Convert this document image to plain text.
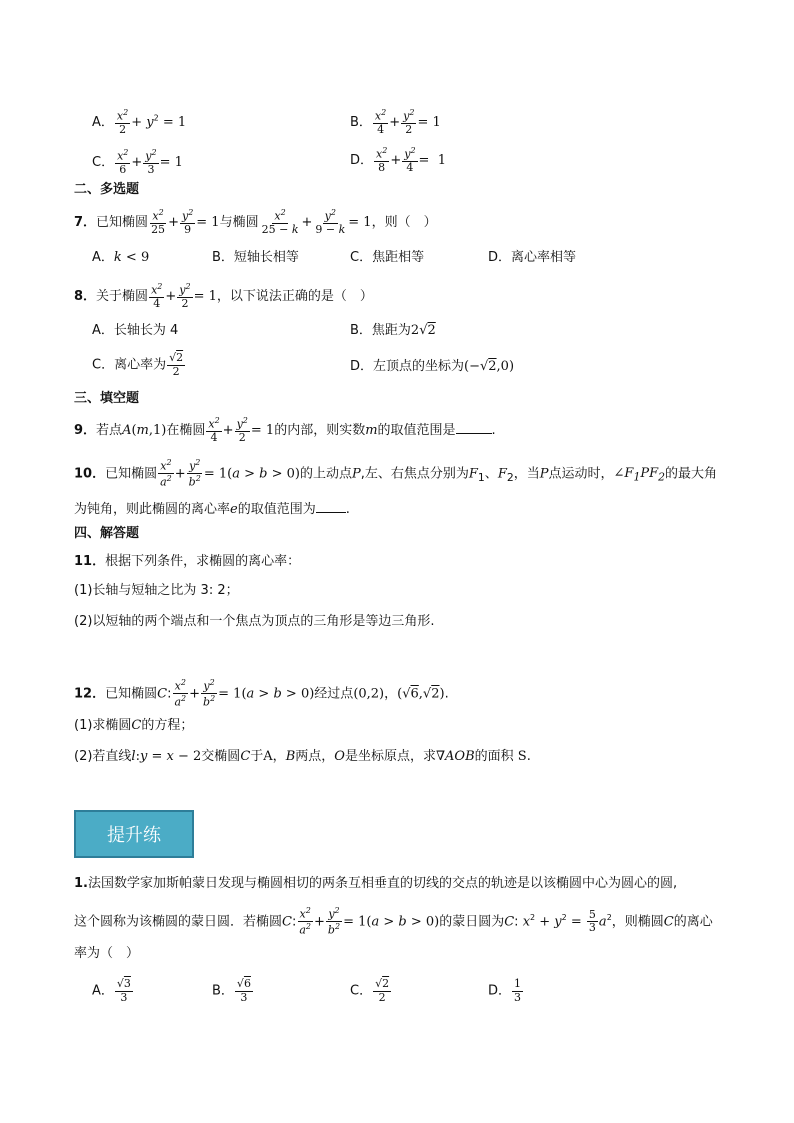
A． $\frac{x^2}{2} + y^2 = 1$	B． $\frac{x^2}{4} + \frac{y^2}{2} = 1$
C． $\frac{x^2}{6} + \frac{y^2}{3} = 1$	D． $\frac{x^2}{8} + \frac{y^2}{4} = 1$
二、多选题
7．已知椭圆 $\frac{x^2}{25} + \frac{y^2}{9} = 1$与椭圆 $\frac{x^2}{25 - k} + \frac{y^2}{9 - k} = 1$，则（　）
A．k < 9	B．短轴长相等	C．焦距相等	D．离心率相等
8．关于椭圆 $\frac{x^2}{4} + \frac{y^2}{2} = 1$，以下说法正确的是（　）
A．长轴长为 4	B．焦距为2√2
C．离心率为 $\frac{√2}{2}$	D．左顶点的坐标为(−√2,0)
三、填空题
9．若点A(m,1)在椭圆 $\frac{x^2}{4} + \frac{y^2}{2} = 1$的内部，则实数m的取值范围是	.
10．已知椭圆 $\frac{x^2}{a^2} + \frac{y^2}{b^2} = 1(a > b > 0)$的上动点P,左、右焦点分别为$F_1$、$F_2$，当P点运动时，$\angle F_1PF_2$的最大角
为钝角，则此椭圆的离心率e的取值范围为 .
四、解答题
11．根据下列条件，求椭圆的离心率：
(1)长轴与短轴之比为 3: 2；
(2)以短轴的两个端点和一个焦点为顶点的三角形是等边三角形.
12．已知椭圆C: $\frac{x^2}{a^2} + \frac{y^2}{b^2} = 1(a > b > 0)$经过点(0,2)，(√6,√2).
(1)求椭圆C的方程；
(2)若直线l:y = x − 2交椭圆C于A，B两点，O是坐标原点，求∇AOB的面积 S.
提升练
1.法国数学家加斯帕蒙日发现与椭圆相切的两条互相垂直的切线的交点的轨迹是以该椭圆中心为圆心的圆,
这个圆称为该椭圆的蒙日圆．若椭圆C: $\frac{x^2}{a^2} + \frac{y^2}{b^2} = 1(a > b > 0)$的蒙日圆为C: $x^2 + y^2 = \frac{5}{3} a^2$，则椭圆C的离心
率为（　）
A． $\frac{√3}{3}$	B． $\frac{√6}{3}$	C． $\frac{√2}{2}$	D． $\frac{1}{3}$
